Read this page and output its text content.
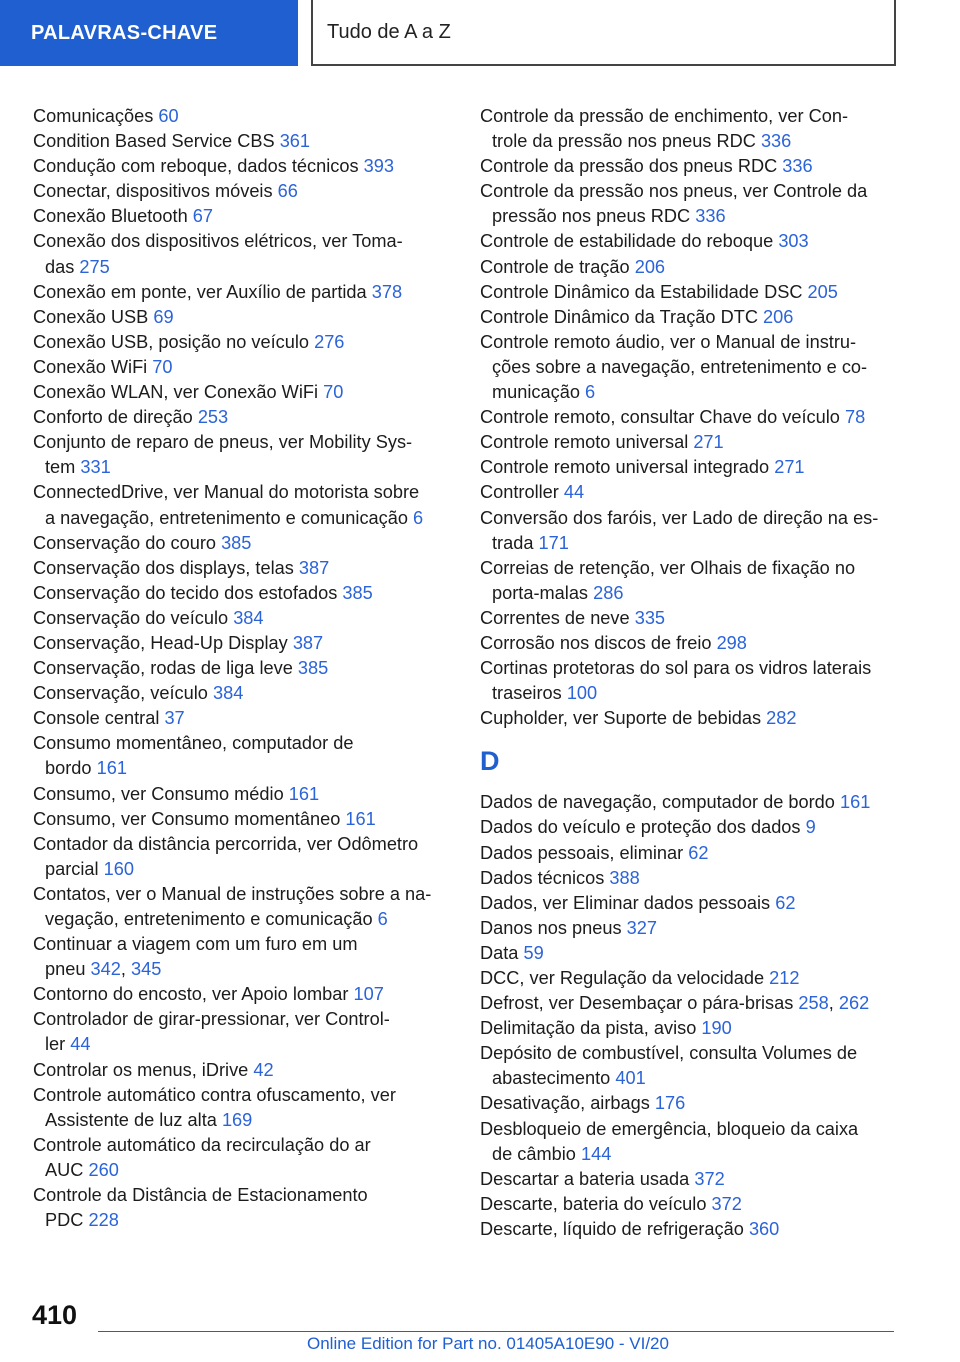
PALAVRAS-CHAVE	Tudo de A a Z
Comunicações 60
Condition Based Service CBS 361
Condução com reboque, dados técnicos 393
Conectar, dispositivos móveis 66
Conexão Bluetooth 67
Conexão dos dispositivos elétricos, ver Toma-
das 275
Conexão em ponte, ver Auxílio de partida 378
Conexão USB 69
Conexão USB, posição no veículo 276
Conexão WiFi 70
Conexão WLAN, ver Conexão WiFi 70
Conforto de direção 253
Conjunto de reparo de pneus, ver Mobility Sys-
tem 331
ConnectedDrive, ver Manual do motorista sobre
a navegação, entretenimento e comunicação 6
Conservação do couro 385
Conservação dos displays, telas 387
Conservação do tecido dos estofados 385
Conservação do veículo 384
Conservação, Head-Up Display 387
Conservação, rodas de liga leve 385
Conservação, veículo 384
Console central 37
Consumo momentâneo, computador de
bordo 161
Consumo, ver Consumo médio 161
Consumo, ver Consumo momentâneo 161
Contador da distância percorrida, ver Odômetro
parcial 160
Contatos, ver o Manual de instruções sobre a na-
vegação, entretenimento e comunicação 6
Continuar a viagem com um furo em um
pneu 342, 345
Contorno do encosto, ver Apoio lombar 107
Controlador de girar-pressionar, ver Control-
ler 44
Controlar os menus, iDrive 42
Controle automático contra ofuscamento, ver
Assistente de luz alta 169
Controle automático da recirculação do ar
AUC 260
Controle da Distância de Estacionamento
PDC 228
Controle da pressão de enchimento, ver Con-
trole da pressão nos pneus RDC 336
Controle da pressão dos pneus RDC 336
Controle da pressão nos pneus, ver Controle da
pressão nos pneus RDC 336
Controle de estabilidade do reboque 303
Controle de tração 206
Controle Dinâmico da Estabilidade DSC 205
Controle Dinâmico da Tração DTC 206
Controle remoto áudio, ver o Manual de instru-
ções sobre a navegação, entretenimento e co-
municação 6
Controle remoto, consultar Chave do veículo 78
Controle remoto universal 271
Controle remoto universal integrado 271
Controller 44
Conversão dos faróis, ver Lado de direção na es-
trada 171
Correias de retenção, ver Olhais de fixação no
porta-malas 286
Correntes de neve 335
Corrosão nos discos de freio 298
Cortinas protetoras do sol para os vidros laterais
traseiros 100
Cupholder, ver Suporte de bebidas 282
D
Dados de navegação, computador de bordo 161
Dados do veículo e proteção dos dados 9
Dados pessoais, eliminar 62
Dados técnicos 388
Dados, ver Eliminar dados pessoais 62
Danos nos pneus 327
Data 59
DCC, ver Regulação da velocidade 212
Defrost, ver Desembaçar o pára-brisas 258, 262
Delimitação da pista, aviso 190
Depósito de combustível, consulta Volumes de
abastecimento 401
Desativação, airbags 176
Desbloqueio de emergência, bloqueio da caixa
de câmbio 144
Descartar a bateria usada 372
Descarte, bateria do veículo 372
Descarte, líquido de refrigeração 360
410
Online Edition for Part no. 01405A10E90 - VI/20
